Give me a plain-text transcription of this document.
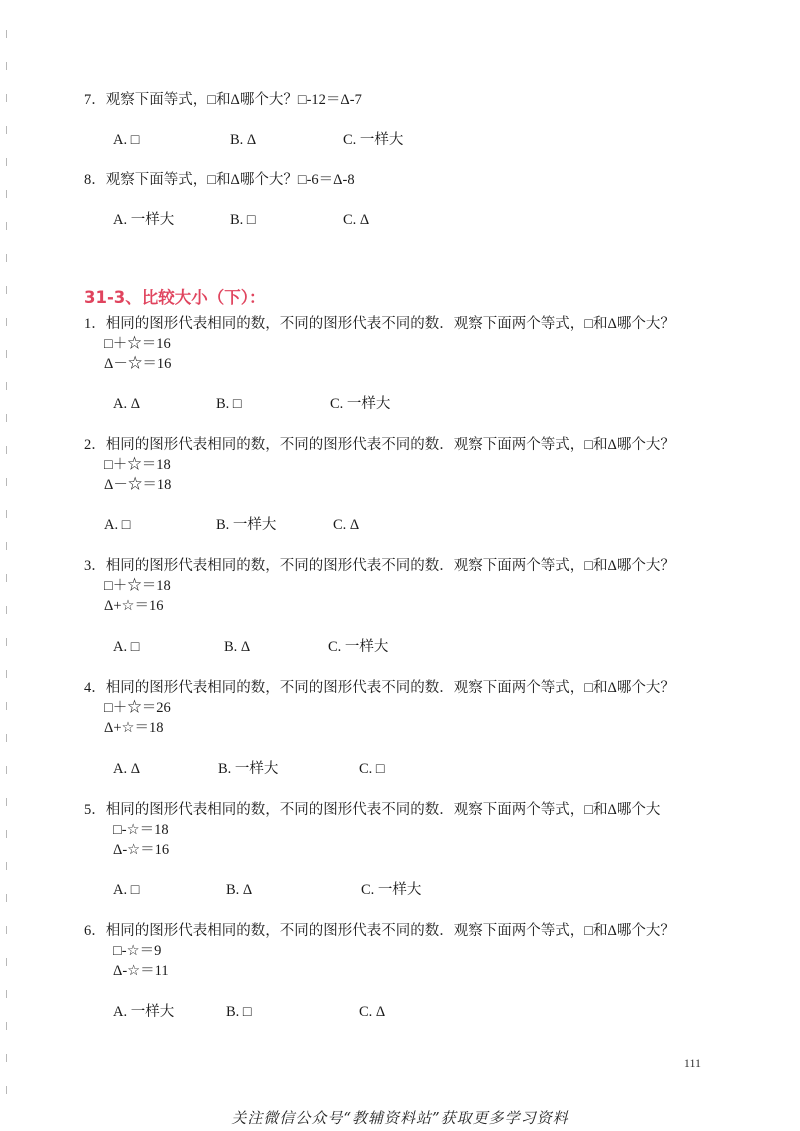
7．观察下面等式，□和Δ哪个大？□-12＝Δ-7
A. □	B. Δ	C. 一样大
8．观察下面等式，□和Δ哪个大？□-6＝Δ-8
A. 一样大	B. □	C. Δ
31-3、比较大小（下）：
1．相同的图形代表相同的数，不同的图形代表不同的数．观察下面两个等式，□和Δ哪个大？
□＋☆＝16
Δ－☆＝16
A. Δ	B. □	C. 一样大
2．相同的图形代表相同的数，不同的图形代表不同的数．观察下面两个等式，□和Δ哪个大？
□＋☆＝18
Δ－☆＝18
A. □	B. 一样大	C. Δ
3．相同的图形代表相同的数，不同的图形代表不同的数．观察下面两个等式，□和Δ哪个大？
□＋☆＝18
Δ+☆＝16
A. □	B. Δ	C. 一样大
4．相同的图形代表相同的数，不同的图形代表不同的数．观察下面两个等式，□和Δ哪个大？
□＋☆＝26
Δ+☆＝18
A. Δ	B. 一样大	C. □
5．相同的图形代表相同的数，不同的图形代表不同的数．观察下面两个等式，□和Δ哪个大
□-☆＝18
Δ-☆＝16
A. □	B. Δ	C. 一样大
6．相同的图形代表相同的数，不同的图形代表不同的数．观察下面两个等式，□和Δ哪个大？
□-☆＝9
Δ-☆＝11
A. 一样大	B. □	C. Δ
111
关注微信公众号“教辅资料站”获取更多学习资料
